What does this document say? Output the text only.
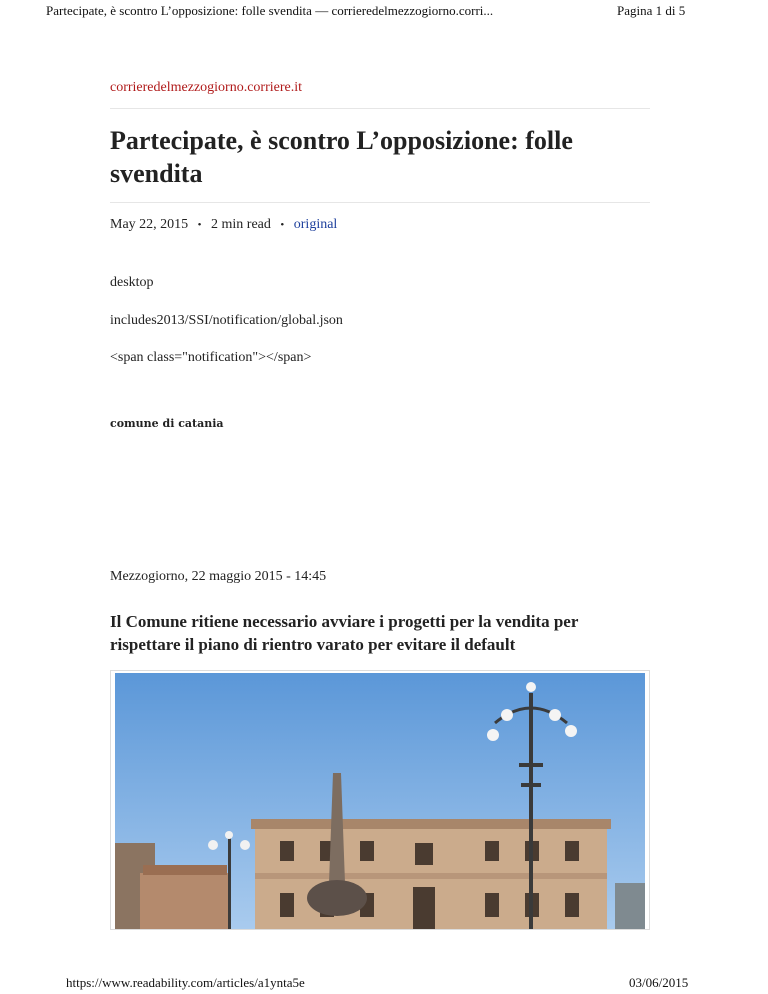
Partecipate, è scontro L’opposizione: folle svendita — corrieredelmezzogiorno.corri...	Pagina 1 di 5
corrieredelmezzogiorno.corriere.it
Partecipate, è scontro L’opposizione: folle svendita
May 22, 2015 • 2 min read • original

desktop

includes2013/SSI/notification/global.json

<span class="notification"></span>

comune di catania

Mezzogiorno, 22 maggio 2015 - 14:45

Il Comune ritiene necessario avviare i progetti per la vendita per rispettare il piano di rientro varato per evitare il default
https://www.readability.com/articles/a1ynta5e	03/06/2015
